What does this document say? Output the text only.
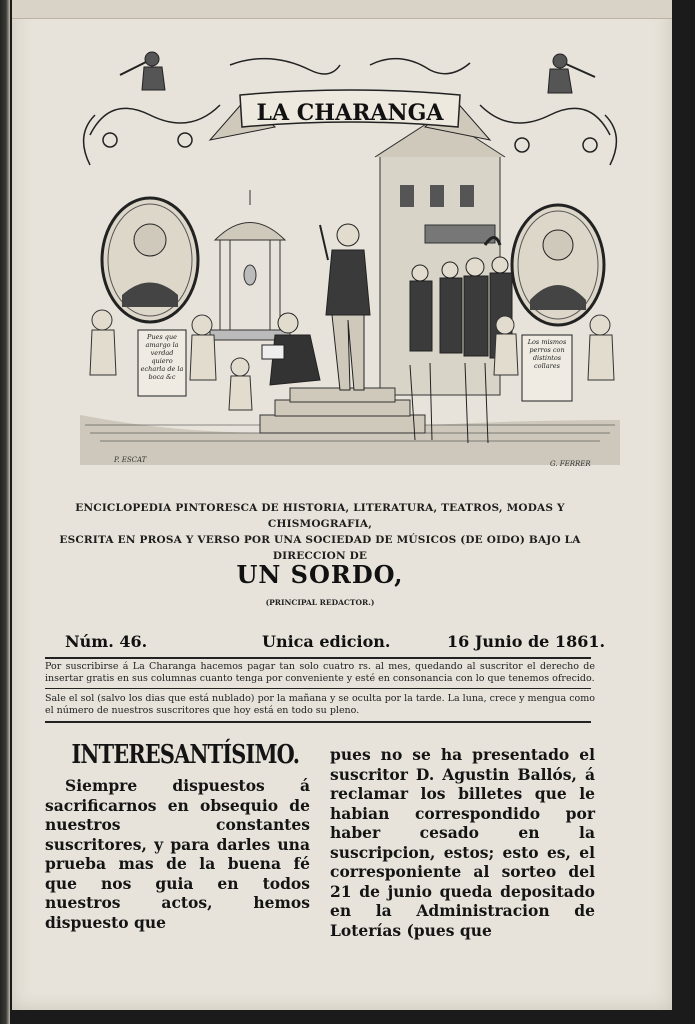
LA CHARANGA
Pues que amargo la verdad quiero echarla de la boca &c
Los mismos perros con distintos collares
P. ESCAT	G. FERRER
ENCICLOPEDIA PINTORESCA DE HISTORIA, LITERATURA, TEATROS, MODAS Y CHISMOGRAFIA,
ESCRITA EN PROSA Y VERSO POR UNA SOCIEDAD DE MÚSICOS (DE OIDO) BAJO LA
DIRECCION DE
UN SORDO,
(PRINCIPAL REDACTOR.)
Núm. 46.	Unica edicion.	16 Junio de 1861.
Por suscribirse á La Charanga hacemos pagar tan solo cuatro rs. al mes, quedando al suscritor el derecho de insertar gratis en sus columnas cuanto tenga por conveniente y esté en consonancia con lo que tenemos ofrecido.
Sale el sol (salvo los dias que está nublado) por la mañana y se oculta por la tarde. La luna, crece y mengua como el número de nuestros suscritores que hoy está en todo su pleno.
INTERESANTÍSIMO.

Siempre dispuestos á sacrificarnos en obsequio de nuestros constantes suscritores, y para darles una prueba mas de la buena fé que nos guia en todos nuestros actos, hemos dispuesto que

pues no se ha presentado el suscritor D. Agustin Ballós, á reclamar los billetes que le habian correspondido por haber cesado en la suscripcion, estos; esto es, el corresponiente al sorteo del 21 de junio queda depositado en la Administracion de Loterías (pues que
